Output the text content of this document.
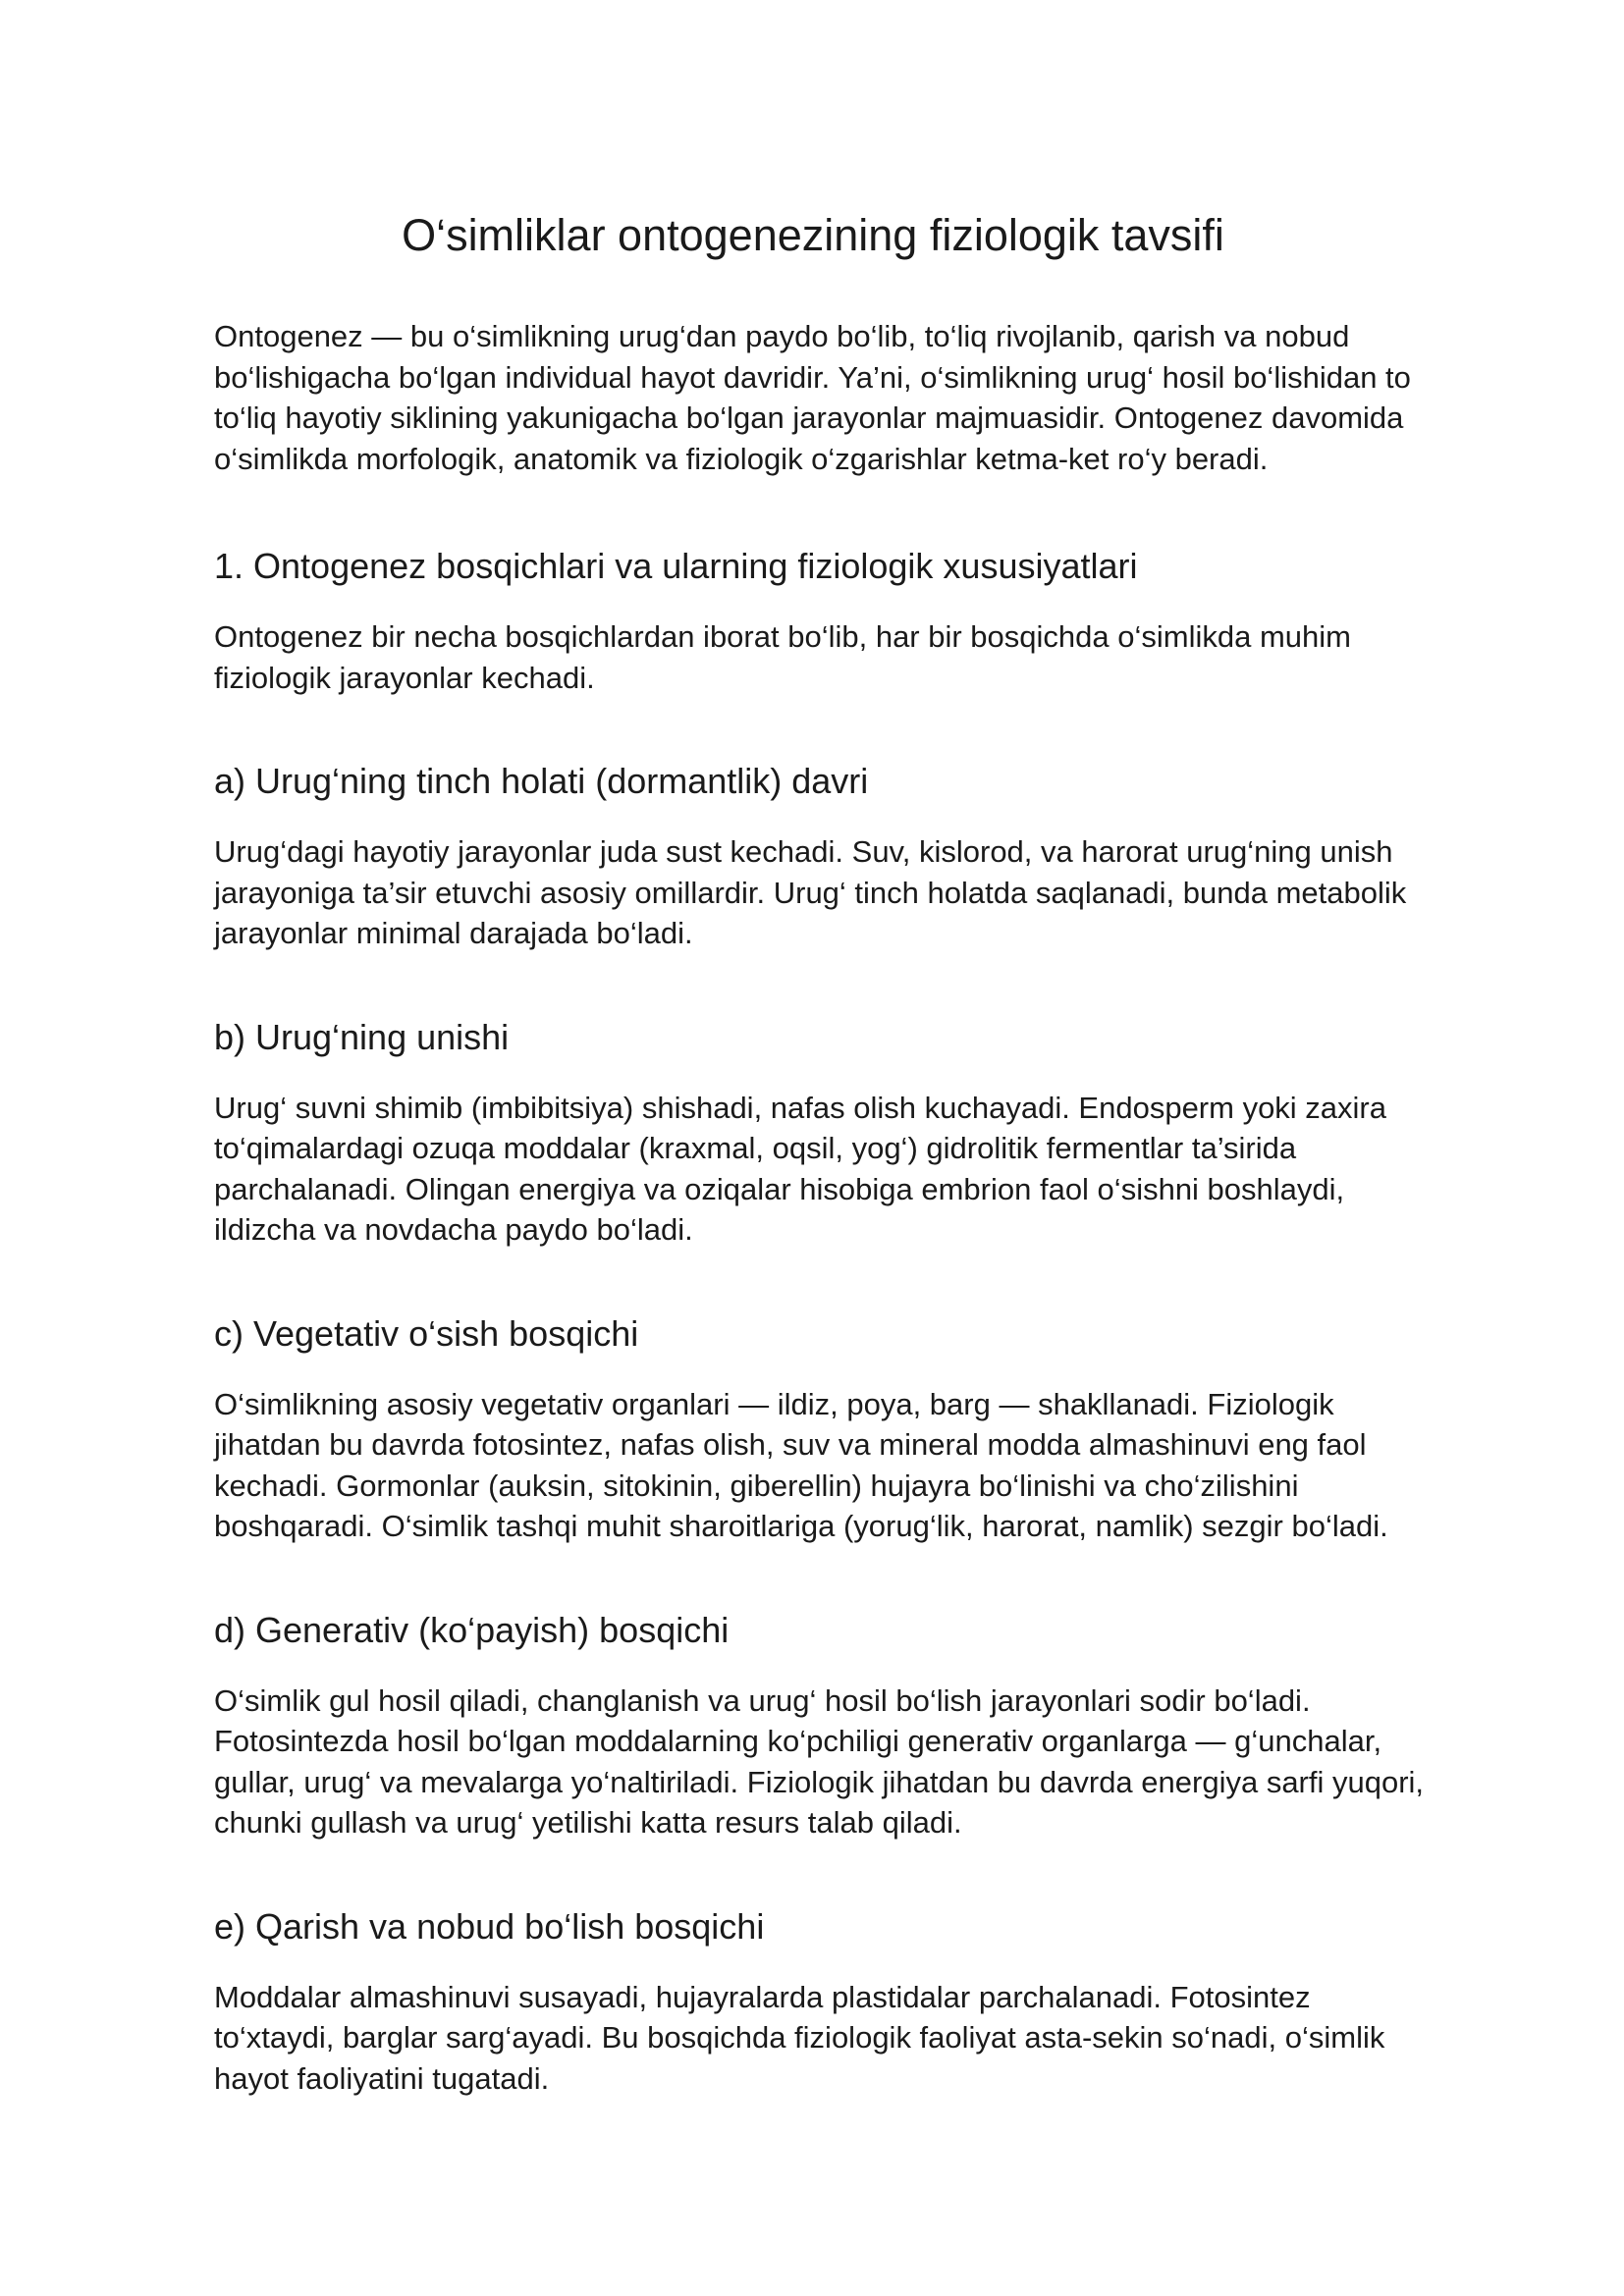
O‘simliklar ontogenezining fiziologik tavsifi

Ontogenez — bu o‘simlikning urug‘dan paydo bo‘lib, to‘liq rivojlanib, qarish va nobud bo‘lishigacha bo‘lgan individual hayot davridir. Ya’ni, o‘simlikning urug‘ hosil bo‘lishidan to to‘liq hayotiy siklining yakunigacha bo‘lgan jarayonlar majmuasidir. Ontogenez davomida o‘simlikda morfologik, anatomik va fiziologik o‘zgarishlar ketma-ket ro‘y beradi.

1. Ontogenez bosqichlari va ularning fiziologik xususiyatlari

Ontogenez bir necha bosqichlardan iborat bo‘lib, har bir bosqichda o‘simlikda muhim fiziologik jarayonlar kechadi.

a) Urug‘ning tinch holati (dormantlik) davri

Urug‘dagi hayotiy jarayonlar juda sust kechadi. Suv, kislorod, va harorat urug‘ning unish jarayoniga ta’sir etuvchi asosiy omillardir. Urug‘ tinch holatda saqlanadi, bunda metabolik jarayonlar minimal darajada bo‘ladi.

b) Urug‘ning unishi

Urug‘ suvni shimib (imbibitsiya) shishadi, nafas olish kuchayadi. Endosperm yoki zaxira to‘qimalardagi ozuqa moddalar (kraxmal, oqsil, yog‘) gidrolitik fermentlar ta’sirida parchalanadi. Olingan energiya va oziqalar hisobiga embrion faol o‘sishni boshlaydi, ildizcha va novdacha paydo bo‘ladi.

c) Vegetativ o‘sish bosqichi

O‘simlikning asosiy vegetativ organlari — ildiz, poya, barg — shakllanadi. Fiziologik jihatdan bu davrda fotosintez, nafas olish, suv va mineral modda almashinuvi eng faol kechadi. Gormonlar (auksin, sitokinin, giberellin) hujayra bo‘linishi va cho‘zilishini boshqaradi. O‘simlik tashqi muhit sharoitlariga (yorug‘lik, harorat, namlik) sezgir bo‘ladi.

d) Generativ (ko‘payish) bosqichi

O‘simlik gul hosil qiladi, changlanish va urug‘ hosil bo‘lish jarayonlari sodir bo‘ladi. Fotosintezda hosil bo‘lgan moddalarning ko‘pchiligi generativ organlarga — g‘unchalar, gullar, urug‘ va mevalarga yo‘naltiriladi. Fiziologik jihatdan bu davrda energiya sarfi yuqori, chunki gullash va urug‘ yetilishi katta resurs talab qiladi.

e) Qarish va nobud bo‘lish bosqichi

Moddalar almashinuvi susayadi, hujayralarda plastidalar parchalanadi. Fotosintez to‘xtaydi, barglar sarg‘ayadi. Bu bosqichda fiziologik faoliyat asta-sekin so‘nadi, o‘simlik hayot faoliyatini tugatadi.
